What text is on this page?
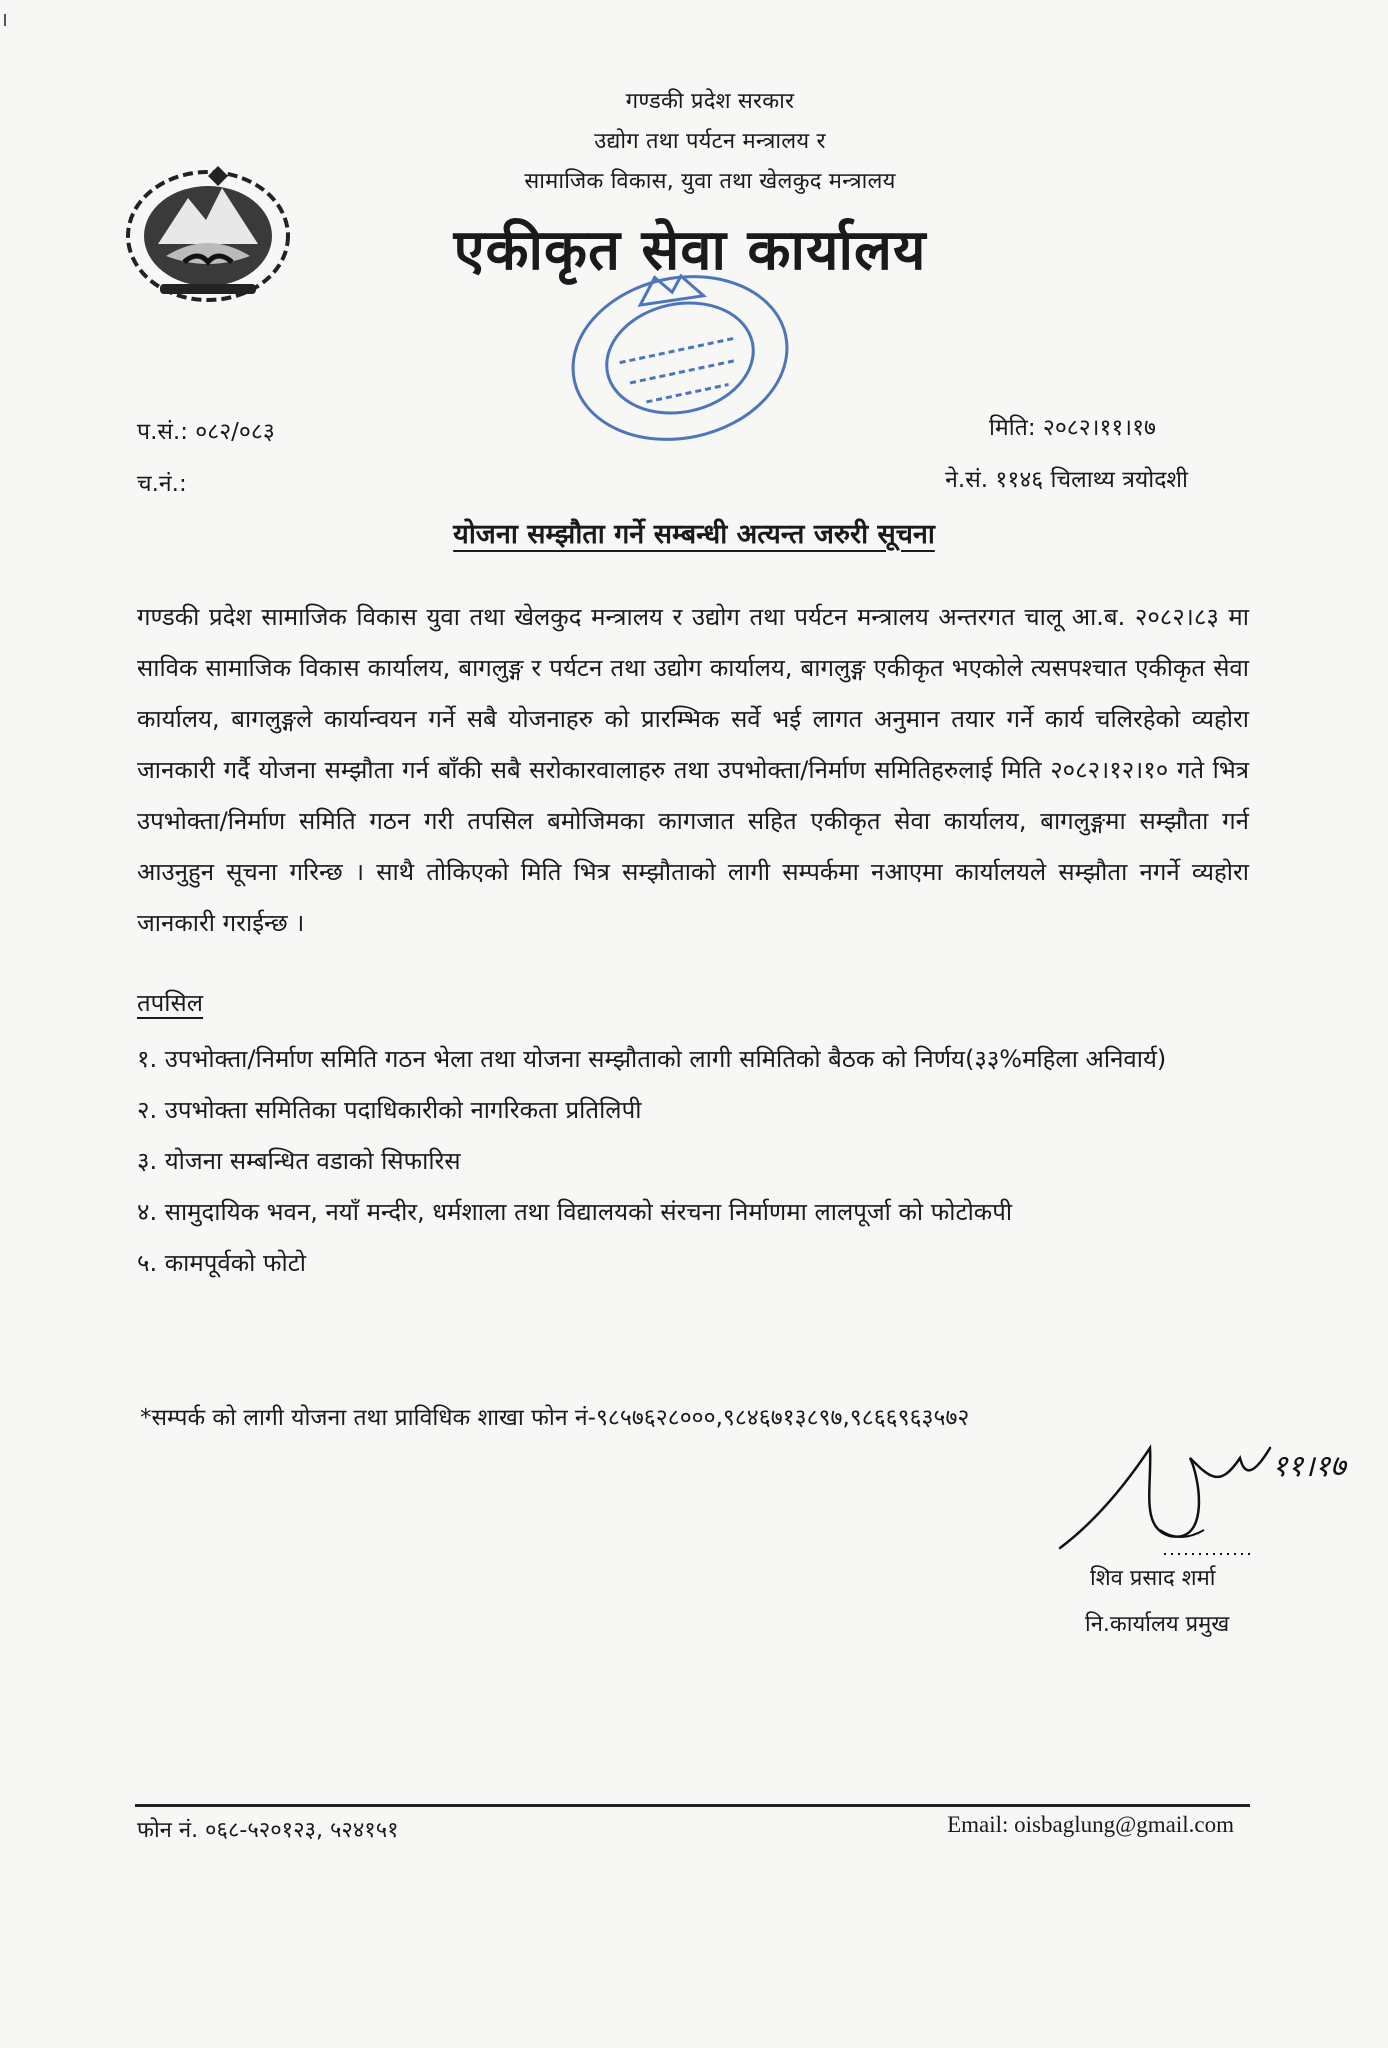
गण्डकी प्रदेश सरकार
उद्योग तथा पर्यटन मन्त्रालय र
सामाजिक विकास, युवा तथा खेलकुद मन्त्रालय
एकीकृत सेवा कार्यालय
प.सं.: ०८२/०८३
च.नं.:
मिति: २०८२।११।१७
ने.सं. ११४६ चिलाथ्य त्रयोदशी
योजना सम्झौता गर्ने सम्बन्धी अत्यन्त जरुरी सूचना
गण्डकी प्रदेश सामाजिक विकास युवा तथा खेलकुद मन्त्रालय र उद्योग तथा पर्यटन मन्त्रालय अन्तरगत चालू आ.ब. २०८२।८३ मा साविक सामाजिक विकास कार्यालय, बागलुङ्ग र पर्यटन तथा उद्योग कार्यालय, बागलुङ्ग एकीकृत भएकोले त्यसपश्चात एकीकृत सेवा कार्यालय, बागलुङ्गले कार्यान्वयन गर्ने सबै योजनाहरु को प्रारम्भिक सर्वे भई लागत अनुमान तयार गर्ने कार्य चलिरहेको व्यहोरा जानकारी गर्दै योजना सम्झौता गर्न बाँकी सबै सरोकारवालाहरु तथा उपभोक्ता/निर्माण समितिहरुलाई मिति २०८२।१२।१० गते भित्र उपभोक्ता/निर्माण समिति गठन गरी तपसिल बमोजिमका कागजात सहित एकीकृत सेवा कार्यालय, बागलुङ्गमा सम्झौता गर्न आउनुहुन सूचना गरिन्छ । साथै तोकिएको मिति भित्र सम्झौताको लागी सम्पर्कमा नआएमा कार्यालयले सम्झौता नगर्ने व्यहोरा जानकारी गराईन्छ ।
तपसिल
१. उपभोक्ता/निर्माण समिति गठन भेला तथा योजना सम्झौताको लागी समितिको बैठक को निर्णय(३३%महिला अनिवार्य)
२. उपभोक्ता समितिका पदाधिकारीको नागरिकता प्रतिलिपी
३. योजना सम्बन्धित वडाको सिफारिस
४. सामुदायिक भवन, नयाँ मन्दीर, धर्मशाला तथा विद्यालयको संरचना निर्माणमा लालपूर्जा को फोटोकपी
५. कामपूर्वको फोटो
*सम्पर्क को लागी योजना तथा प्राविधिक शाखा फोन नं-९८५७६२८०००,९८४६७१३८९७,९८६६९६३५७२
११।१७
शिव प्रसाद शर्मा
नि.कार्यालय प्रमुख
फोन नं. ०६८-५२०१२३, ५२४१५१	Email: oisbaglung@gmail.com
